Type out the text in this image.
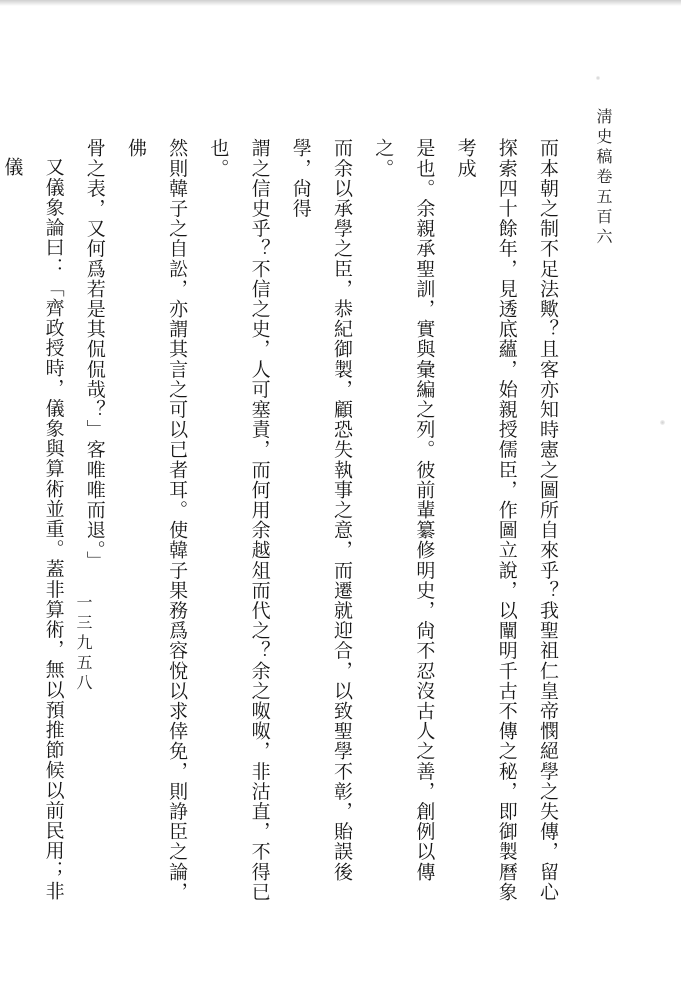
淸史稿卷五百六
一三九五八	而本朝之制不足法歟？且客亦知時憲之圖所自來乎？我聖祖仁皇帝憫絕學之失傳，留心
探索四十餘年，見透底蘊，始親授儒臣，作圖立說，以闡明千古不傳之秘，即御製曆象考成
是也。余親承聖訓，實與彙編之列。彼前輩纂修明史，尙不忍沒古人之善，創例以傳之。
而余以承學之臣，恭紀御製，顧恐失執事之意，而遷就迎合，以致聖學不彰，貽誤後學，尙得
謂之信史乎？不信之史，人可塞責，而何用余越俎而代之？余之呶呶，非沽直，不得已也。
然則韓子之自訟，亦謂其言之可以已者耳。使韓子果務爲容悅以求倖免，則諍臣之論，佛
骨之表，又何爲若是其侃侃哉？」客唯唯而退。」
又儀象論曰：「齊政授時，儀象與算術並重。蓋非算術，無以預推節候以前民用；非儀
